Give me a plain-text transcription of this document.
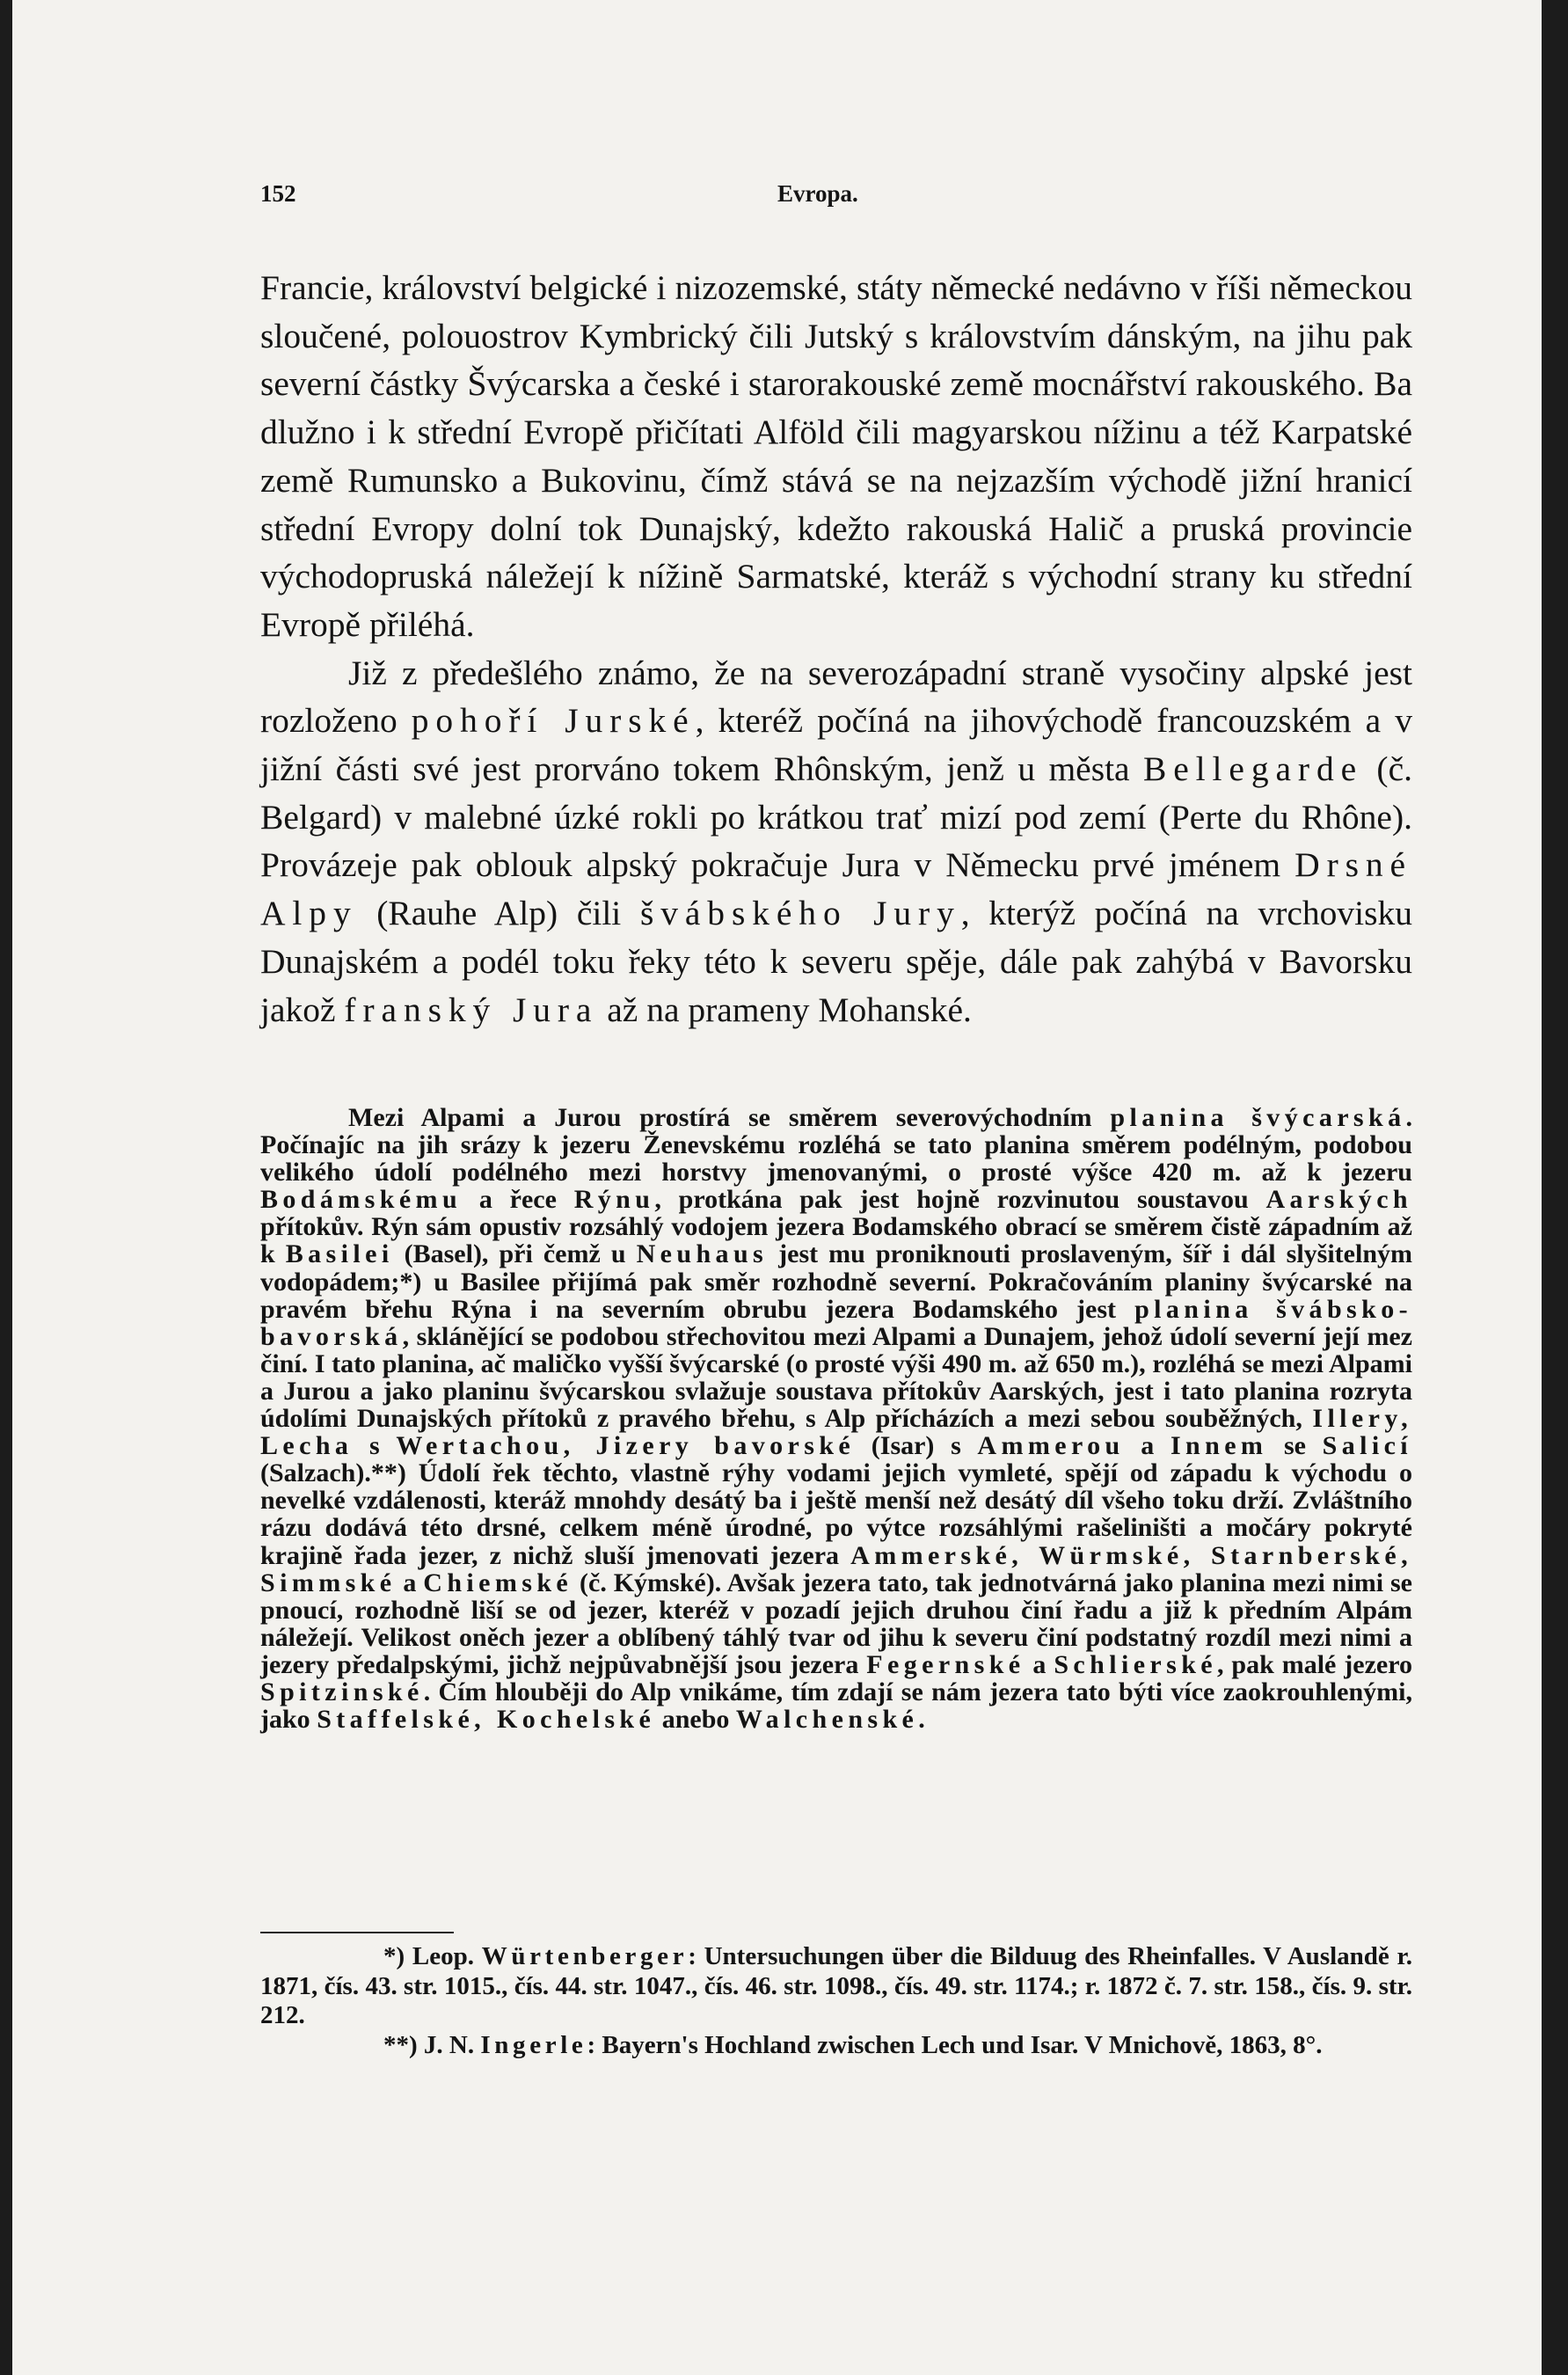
152	Evropa.

Francie, království belgické i nizozemské, státy německé nedávno v říši německou sloučené, polouostrov Kymbrický čili Jutský s královstvím dánským, na jihu pak severní částky Švýcarska a české i starorakouské země mocnářství rakouského. Ba dlužno i k střední Evropě přičítati Alföld čili magyarskou nížinu a též Karpatské země Rumunsko a Bukovinu, čímž stává se na nejzazším východě jižní hranicí střední Evropy dolní tok Dunajský, kdežto rakouská Halič a pruská provincie východopruská náležejí k nížině Sarmatské, kteráž s východní strany ku střední Evropě přiléhá.

Již z předešlého známo, že na severozápadní straně vysočiny alpské jest rozloženo pohoří Jurské, kteréž počíná na jihovýchodě francouzském a v jižní části své jest prorváno tokem Rhônským, jenž u města Bellegarde (č. Belgard) v malebné úzké rokli po krátkou trať mizí pod zemí (Perte du Rhône). Provázeje pak oblouk alpský pokračuje Jura v Německu prvé jménem Drsné Alpy (Rauhe Alp) čili švábského Jury, kterýž počíná na vrchovisku Dunajském a podél toku řeky této k severu spěje, dále pak zahýbá v Bavorsku jakož franský Jura až na prameny Mohanské.

Mezi Alpami a Jurou prostírá se směrem severovýchodním planina švýcarská. Počínajíc na jih srázy k jezeru Ženevskému rozléhá se tato planina směrem podélným, podobou velikého údolí podélného mezi horstvy jmenovanými, o prosté výšce 420 m. až k jezeru Bodámskému a řece Rýnu, protkána pak jest hojně rozvinutou soustavou Aarských přítokův. Rýn sám opustiv rozsáhlý vodojem jezera Bodamského obrací se směrem čistě západním až k Basilei (Basel), při čemž u Neuhaus jest mu proniknouti proslaveným, šíř i dál slyšitelným vodopádem;*) u Basilee přijímá pak směr rozhodně severní. Pokračováním planiny švýcarské na pravém břehu Rýna i na severním obrubu jezera Bodamského jest planina švábsko-bavorská, sklánějící se podobou střechovitou mezi Alpami a Dunajem, jehož údolí severní její mez činí. I tato planina, ač maličko vyšší švýcarské (o prosté výši 490 m. až 650 m.), rozléhá se mezi Alpami a Jurou a jako planinu švýcarskou svlažuje soustava přítokův Aarských, jest i tato planina rozryta údolími Dunajských přítoků z pravého břehu, s Alp přícházích a mezi sebou souběžných, Illery, Lecha s Wertachou, Jizery bavorské (Isar) s Ammerou a Innem se Salicí (Salzach).**) Údolí řek těchto, vlastně rýhy vodami jejich vymleté, spějí od západu k východu o nevelké vzdálenosti, kteráž mnohdy desátý ba i ještě menší než desátý díl všeho toku drží. Zvláštního rázu dodává této drsné, celkem méně úrodné, po výtce rozsáhlými rašeliništi a močáry pokryté krajině řada jezer, z nichž sluší jmenovati jezera Ammerské, Würmské, Starnberské, Simmské a Chiemské (č. Kýmské). Avšak jezera tato, tak jednotvárná jako planina mezi nimi se pnoucí, rozhodně liší se od jezer, kteréž v pozadí jejich druhou činí řadu a již k předním Alpám náležejí. Velikost oněch jezer a oblíbený táhlý tvar od jihu k severu činí podstatný rozdíl mezi nimi a jezery předalpskými, jichž nejpůvabnější jsou jezera Fegernské a Schlierské, pak malé jezero Spitzinské. Čím hlouběji do Alp vnikáme, tím zdají se nám jezera tato býti více zaokrouhlenými, jako Staffelské, Kochelské anebo Walchenské.

*) Leop. Würtenberger: Untersuchungen über die Bilduug des Rheinfalles. V Auslandě r. 1871, čís. 43. str. 1015., čís. 44. str. 1047., čís. 46. str. 1098., čís. 49. str. 1174.; r. 1872 č. 7. str. 158., čís. 9. str. 212.

**) J. N. Ingerle: Bayern's Hochland zwischen Lech und Isar. V Mnichově, 1863, 8°.
